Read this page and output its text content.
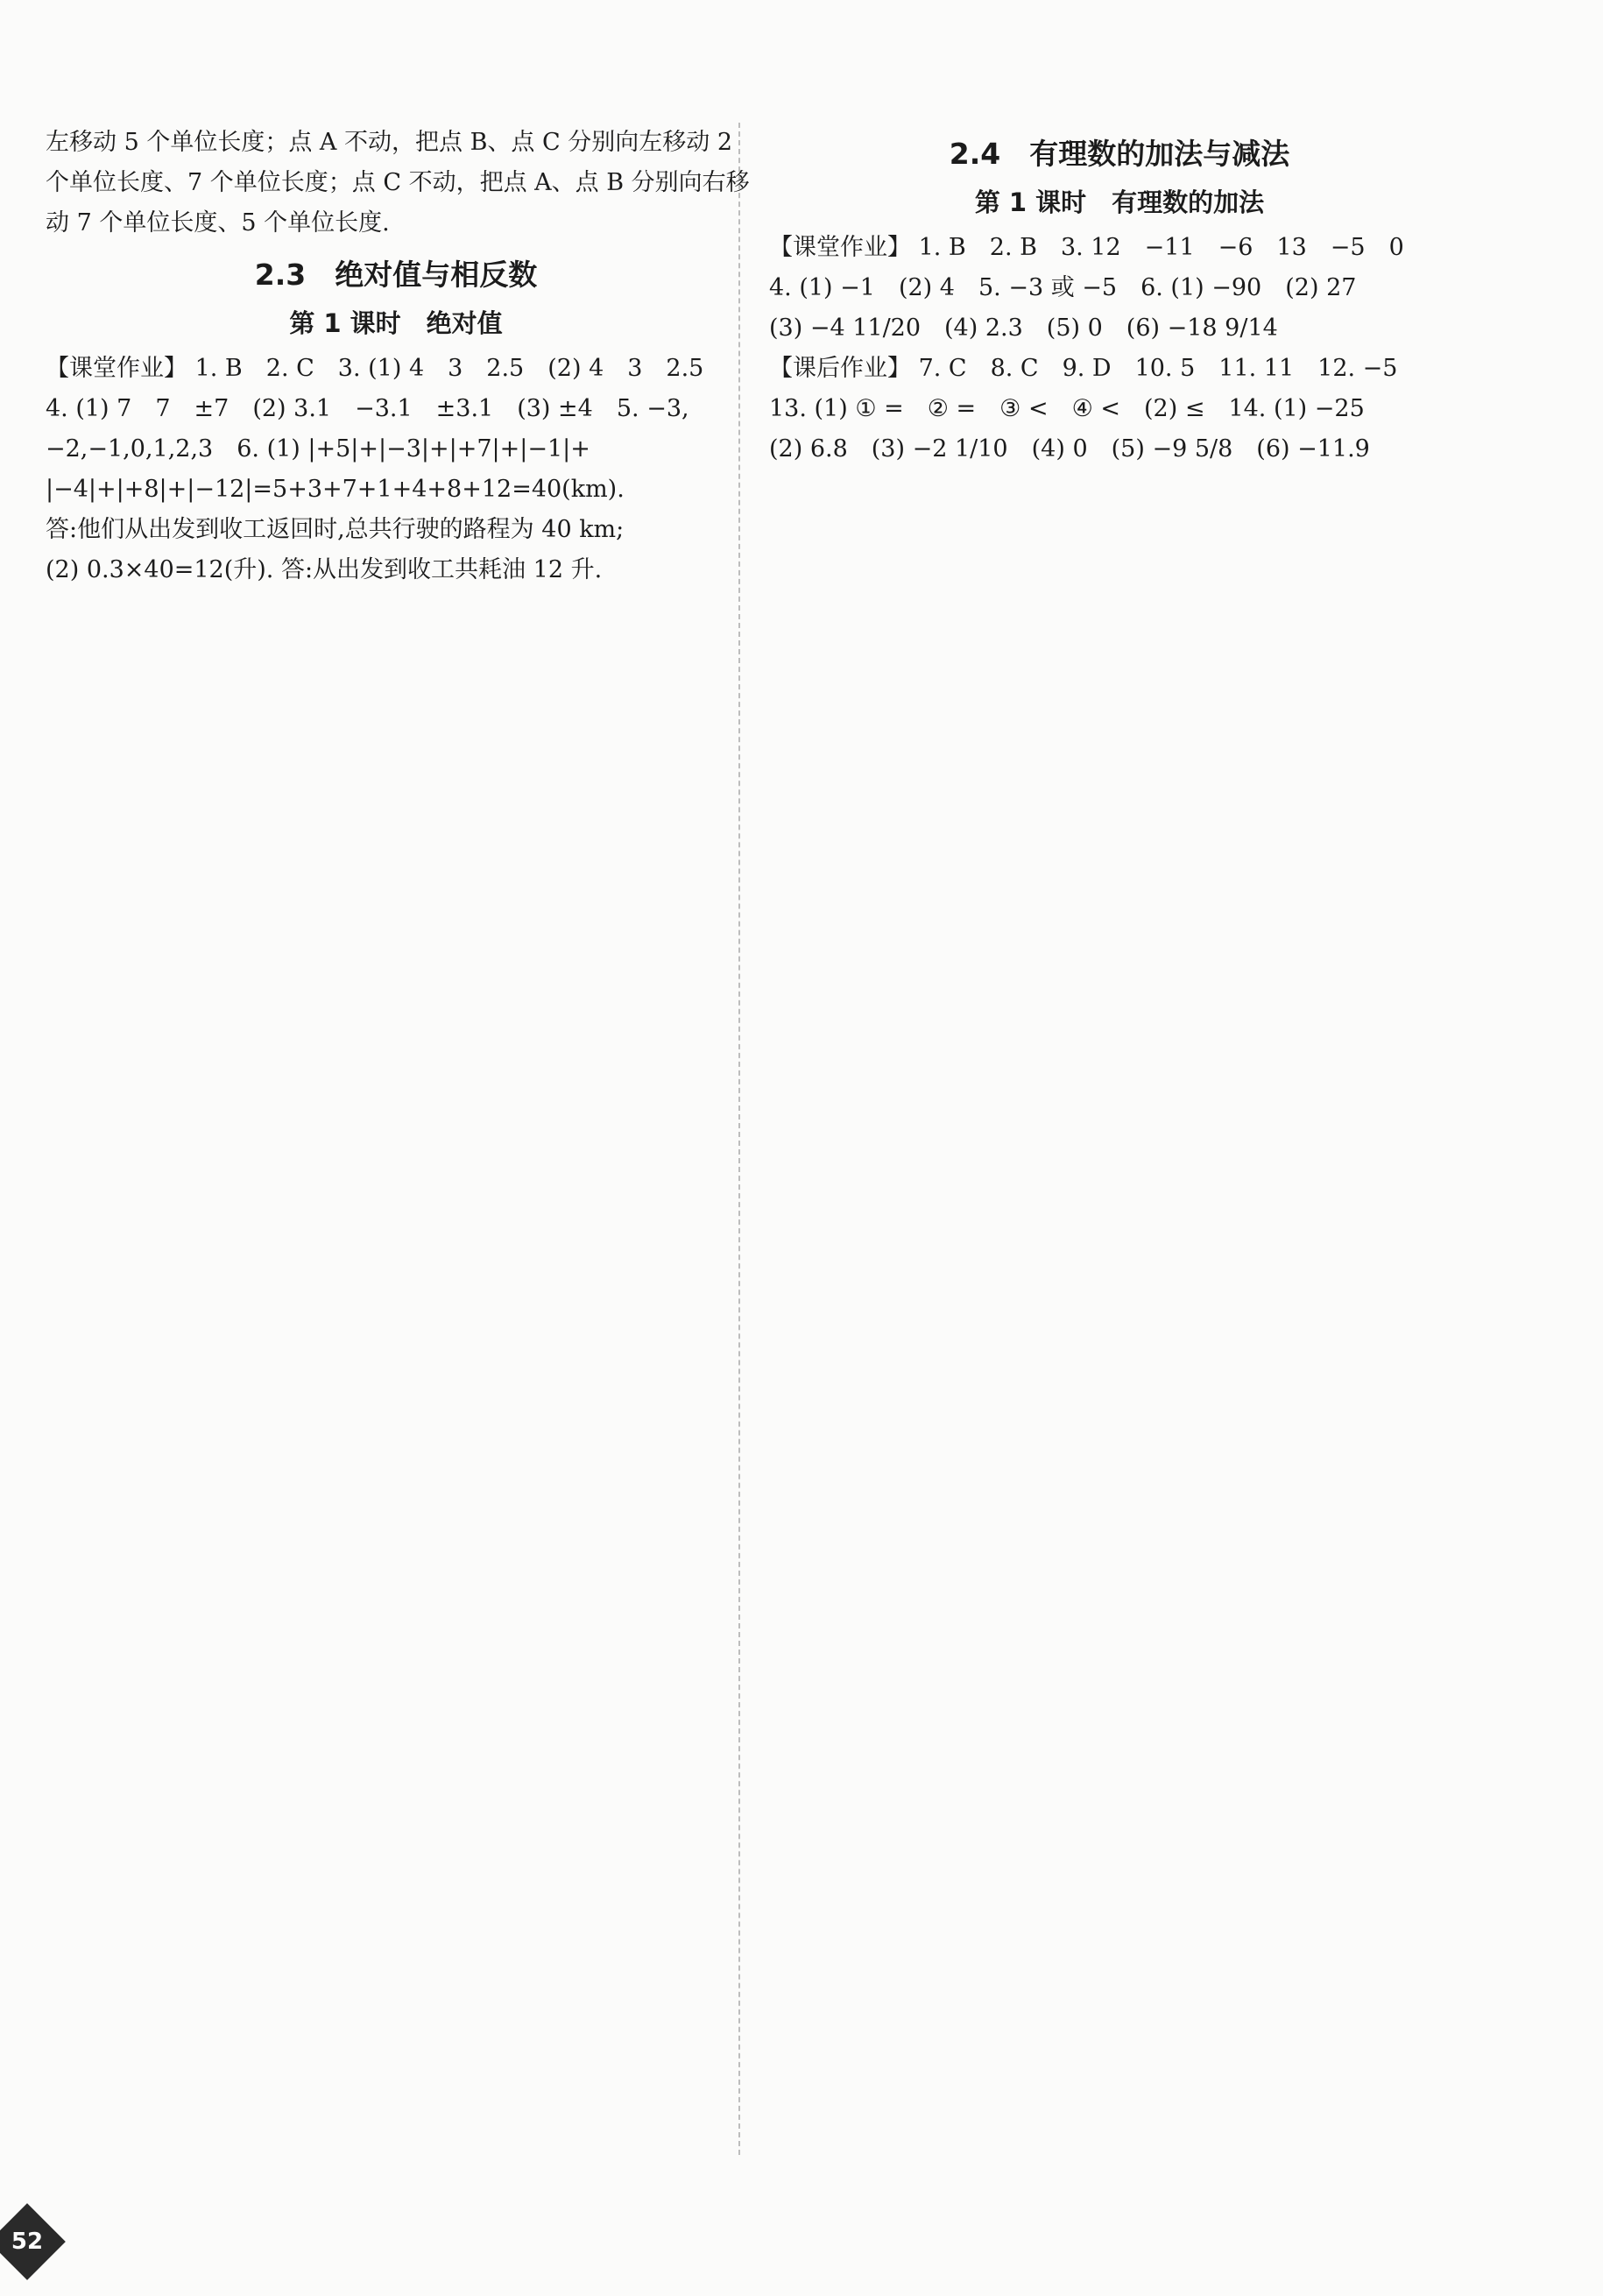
左移动 5 个单位长度；点 A 不动，把点 B、点 C 分别向左移动 2
个单位长度、7 个单位长度；点 C 不动，把点 A、点 B 分别向右移
动 7 个单位长度、5 个单位长度.
2.3　绝对值与相反数
第 1 课时　绝对值
【课堂作业】 1. B　2. C　3. (1) 4　3　2.5　(2) 4　3　2.5
4. (1) 7　7　±7　(2) 3.1　−3.1　±3.1　(3) ±4　5. −3,
−2,−1,0,1,2,3　6. (1) |+5|+|−3|+|+7|+|−1|+
|−4|+|+8|+|−12|=5+3+7+1+4+8+12=40(km).
答:他们从出发到收工返回时,总共行驶的路程为 40 km;
(2) 0.3×40=12(升). 答:从出发到收工共耗油 12 升.
2.4　有理数的加法与减法
第 1 课时　有理数的加法
【课堂作业】 1. B　2. B　3. 12　−11　−6　13　−5　0
4. (1) −1　(2) 4　5. −3 或 −5　6. (1) −90　(2) 27
(3) −4 11/20　(4) 2.3　(5) 0　(6) −18 9/14
【课后作业】 7. C　8. C　9. D　10. 5　11. 11　12. −5
13. (1) ① =　② =　③ <　④ <　(2) ≤　14. (1) −25
(2) 6.8　(3) −2 1/10　(4) 0　(5) −9 5/8　(6) −11.9
52
